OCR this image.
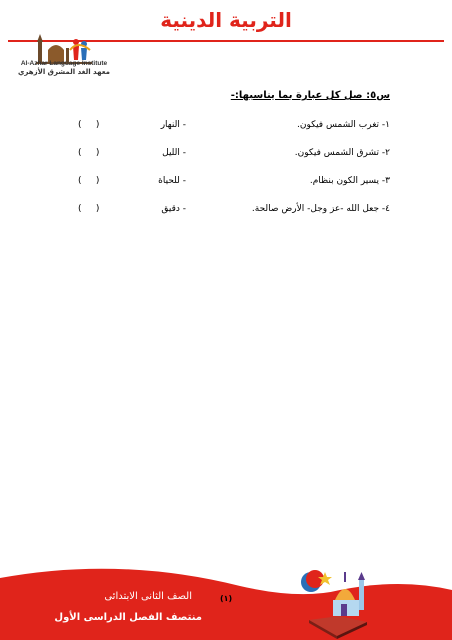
التربية الدينية
Al-Azhar Language Institute
معهد الغد المشرق الأزهري
س٥: صل كل عبارة بما يناسبها:-
١- تغرب الشمس فيكون.
- النهار
(     )
٢- تشرق الشمس فيكون.
- الليل
(     )
٣- يسير الكون بنظام.
- للحياة
(     )
٤- جعل الله -عز وجل- الأرض صالحة.
- دقيق
(     )
الصف الثانى الابتدائى
منتصف الفصل الدراسى الأول
(١)
